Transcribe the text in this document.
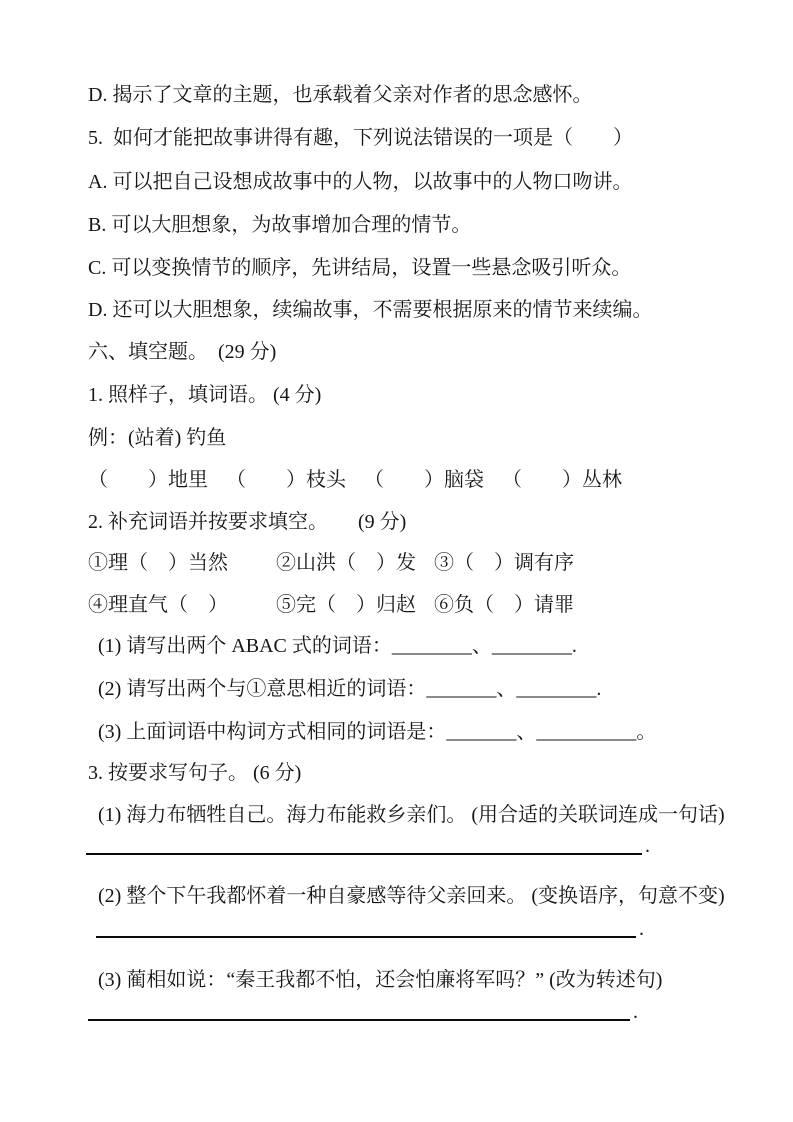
D. 揭示了文章的主题，也承载着父亲对作者的思念感怀。
5.  如何才能把故事讲得有趣，下列说法错误的一项是（　　）
A. 可以把自己设想成故事中的人物，以故事中的人物口吻讲。
B. 可以大胆想象，为故事增加合理的情节。
C. 可以变换情节的顺序，先讲结局，设置一些悬念吸引听众。
D. 还可以大胆想象，续编故事，不需要根据原来的情节来续编。
六、填空题。　(29 分)
1. 照样子，填词语。 (4 分)
例：(站着) 钓鱼
（　　）地里 （　　）枝头 （　　）脑袋 （　　）丛林
2. 补充词语并按要求填空。　　(9 分)
①理（　）当然	②山洪（　）发 ③（　）调有序
④理直气（　）	⑤完（　）归赵 ⑥负（　）请罪
(1) 请写出两个 ABAC 式的词语：________、________.
(2) 请写出两个与①意思相近的词语：_______、________.
(3) 上面词语中构词方式相同的词语是：_______、__________。
3. 按要求写句子。 (6 分)
(1) 海力布牺牲自己。海力布能救乡亲们。 (用合适的关联词连成一句话)
.
(2) 整个下午我都怀着一种自豪感等待父亲回来。 (变换语序，句意不变)
.
(3) 蔺相如说：“秦王我都不怕，还会怕廉将军吗？” (改为转述句)
.
